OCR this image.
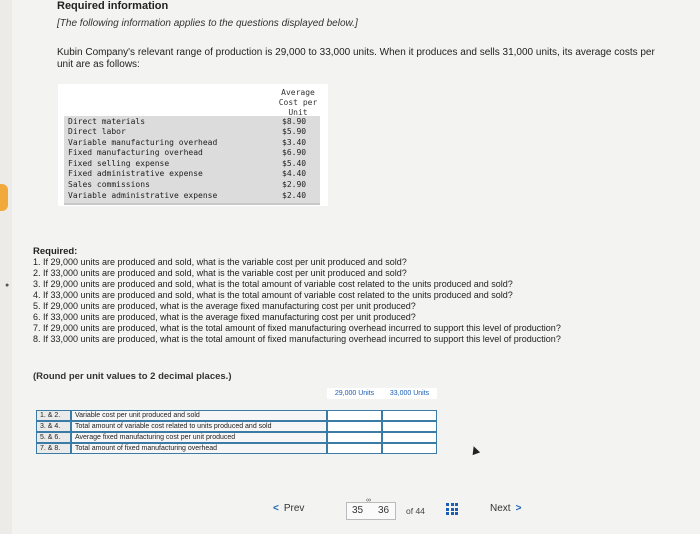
Required information
[The following information applies to the questions displayed below.]
Kubin Company's relevant range of production is 29,000 to 33,000 units. When it produces and sells 31,000 units, its average costs per unit are as follows:
Average
Cost per
Unit
Direct materials	$8.90
Direct labor	$5.90
Variable manufacturing overhead	$3.40
Fixed manufacturing overhead	$6.90
Fixed selling expense	$5.40
Fixed administrative expense	$4.40
Sales commissions	$2.90
Variable administrative expense	$2.40
●
Required:
1. If 29,000 units are produced and sold, what is the variable cost per unit produced and sold?
2. If 33,000 units are produced and sold, what is the variable cost per unit produced and sold?
3. If 29,000 units are produced and sold, what is the total amount of variable cost related to the units produced and sold?
4. If 33,000 units are produced and sold, what is the total amount of variable cost related to the units produced and sold?
5. If 29,000 units are produced, what is the average fixed manufacturing cost per unit produced?
6. If 33,000 units are produced, what is the average fixed manufacturing cost per unit produced?
7. If 29,000 units are produced, what is the total amount of fixed manufacturing overhead incurred to support this level of production?
8. If 33,000 units are produced, what is the total amount of fixed manufacturing overhead incurred to support this level of production?
(Round per unit values to 2 decimal places.)
29,000 Units	33,000 Units
1. & 2.	Variable cost per unit produced and sold
3. & 4.	Total amount of variable cost related to units produced and sold
5. & 6.	Average fixed manufacturing cost per unit produced
7. & 8.	Total amount of fixed manufacturing overhead
< Prev
∞
35 36 of 44	Next >
